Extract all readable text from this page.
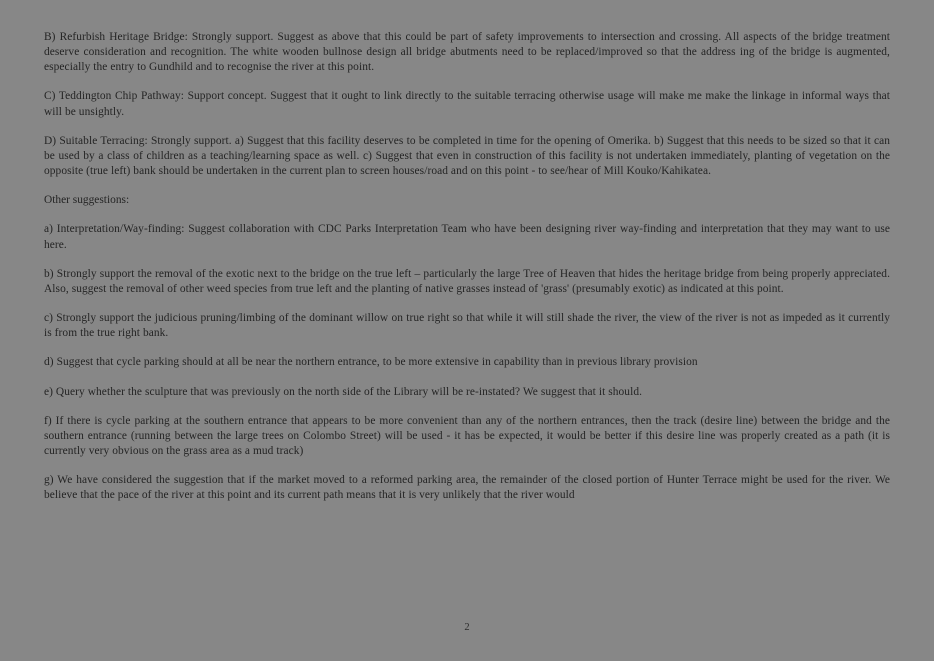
B) Refurbish Heritage Bridge: Strongly support. Suggest as above that this could be part of safety improvements to intersection and crossing. All aspects of the bridge treatment deserve consideration and recognition. The white wooden bullnose design all bridge abutments need to be replaced/improved so that the address ing of the bridge is augmented, especially the entry to Gundhild and to recognise the river at this point.

C) Teddington Chip Pathway: Support concept. Suggest that it ought to link directly to the suitable terracing otherwise usage will make me make the linkage in informal ways that will be unsightly.

D) Suitable Terracing: Strongly support. a) Suggest that this facility deserves to be completed in time for the opening of Omerika. b) Suggest that this needs to be sized so that it can be used by a class of children as a teaching/learning space as well. c) Suggest that even in construction of this facility is not undertaken immediately, planting of vegetation on the opposite (true left) bank should be undertaken in the current plan to screen houses/road and on this point - to see/hear of Mill Kouko/Kahikatea.

Other suggestions:

a) Interpretation/Way-finding: Suggest collaboration with CDC Parks Interpretation Team who have been designing river way-finding and interpretation that they may want to use here.

b) Strongly support the removal of the exotic next to the bridge on the true left – particularly the large Tree of Heaven that hides the heritage bridge from being properly appreciated. Also, suggest the removal of other weed species from true left and the planting of native grasses instead of 'grass' (presumably exotic) as indicated at this point.

c) Strongly support the judicious pruning/limbing of the dominant willow on true right so that while it will still shade the river, the view of the river is not as impeded as it currently is from the true right bank.

d) Suggest that cycle parking should at all be near the northern entrance, to be more extensive in capability than in previous library provision

e) Query whether the sculpture that was previously on the north side of the Library will be re-instated? We suggest that it should.

f) If there is cycle parking at the southern entrance that appears to be more convenient than any of the northern entrances, then the track (desire line) between the bridge and the southern entrance (running between the large trees on Colombo Street) will be used - it has be expected, it would be better if this desire line was properly created as a path (it is currently very obvious on the grass area as a mud track)

g) We have considered the suggestion that if the market moved to a reformed parking area, the remainder of the closed portion of Hunter Terrace might be used for the river. We believe that the pace of the river at this point and its current path means that it is very unlikely that the river would

2
